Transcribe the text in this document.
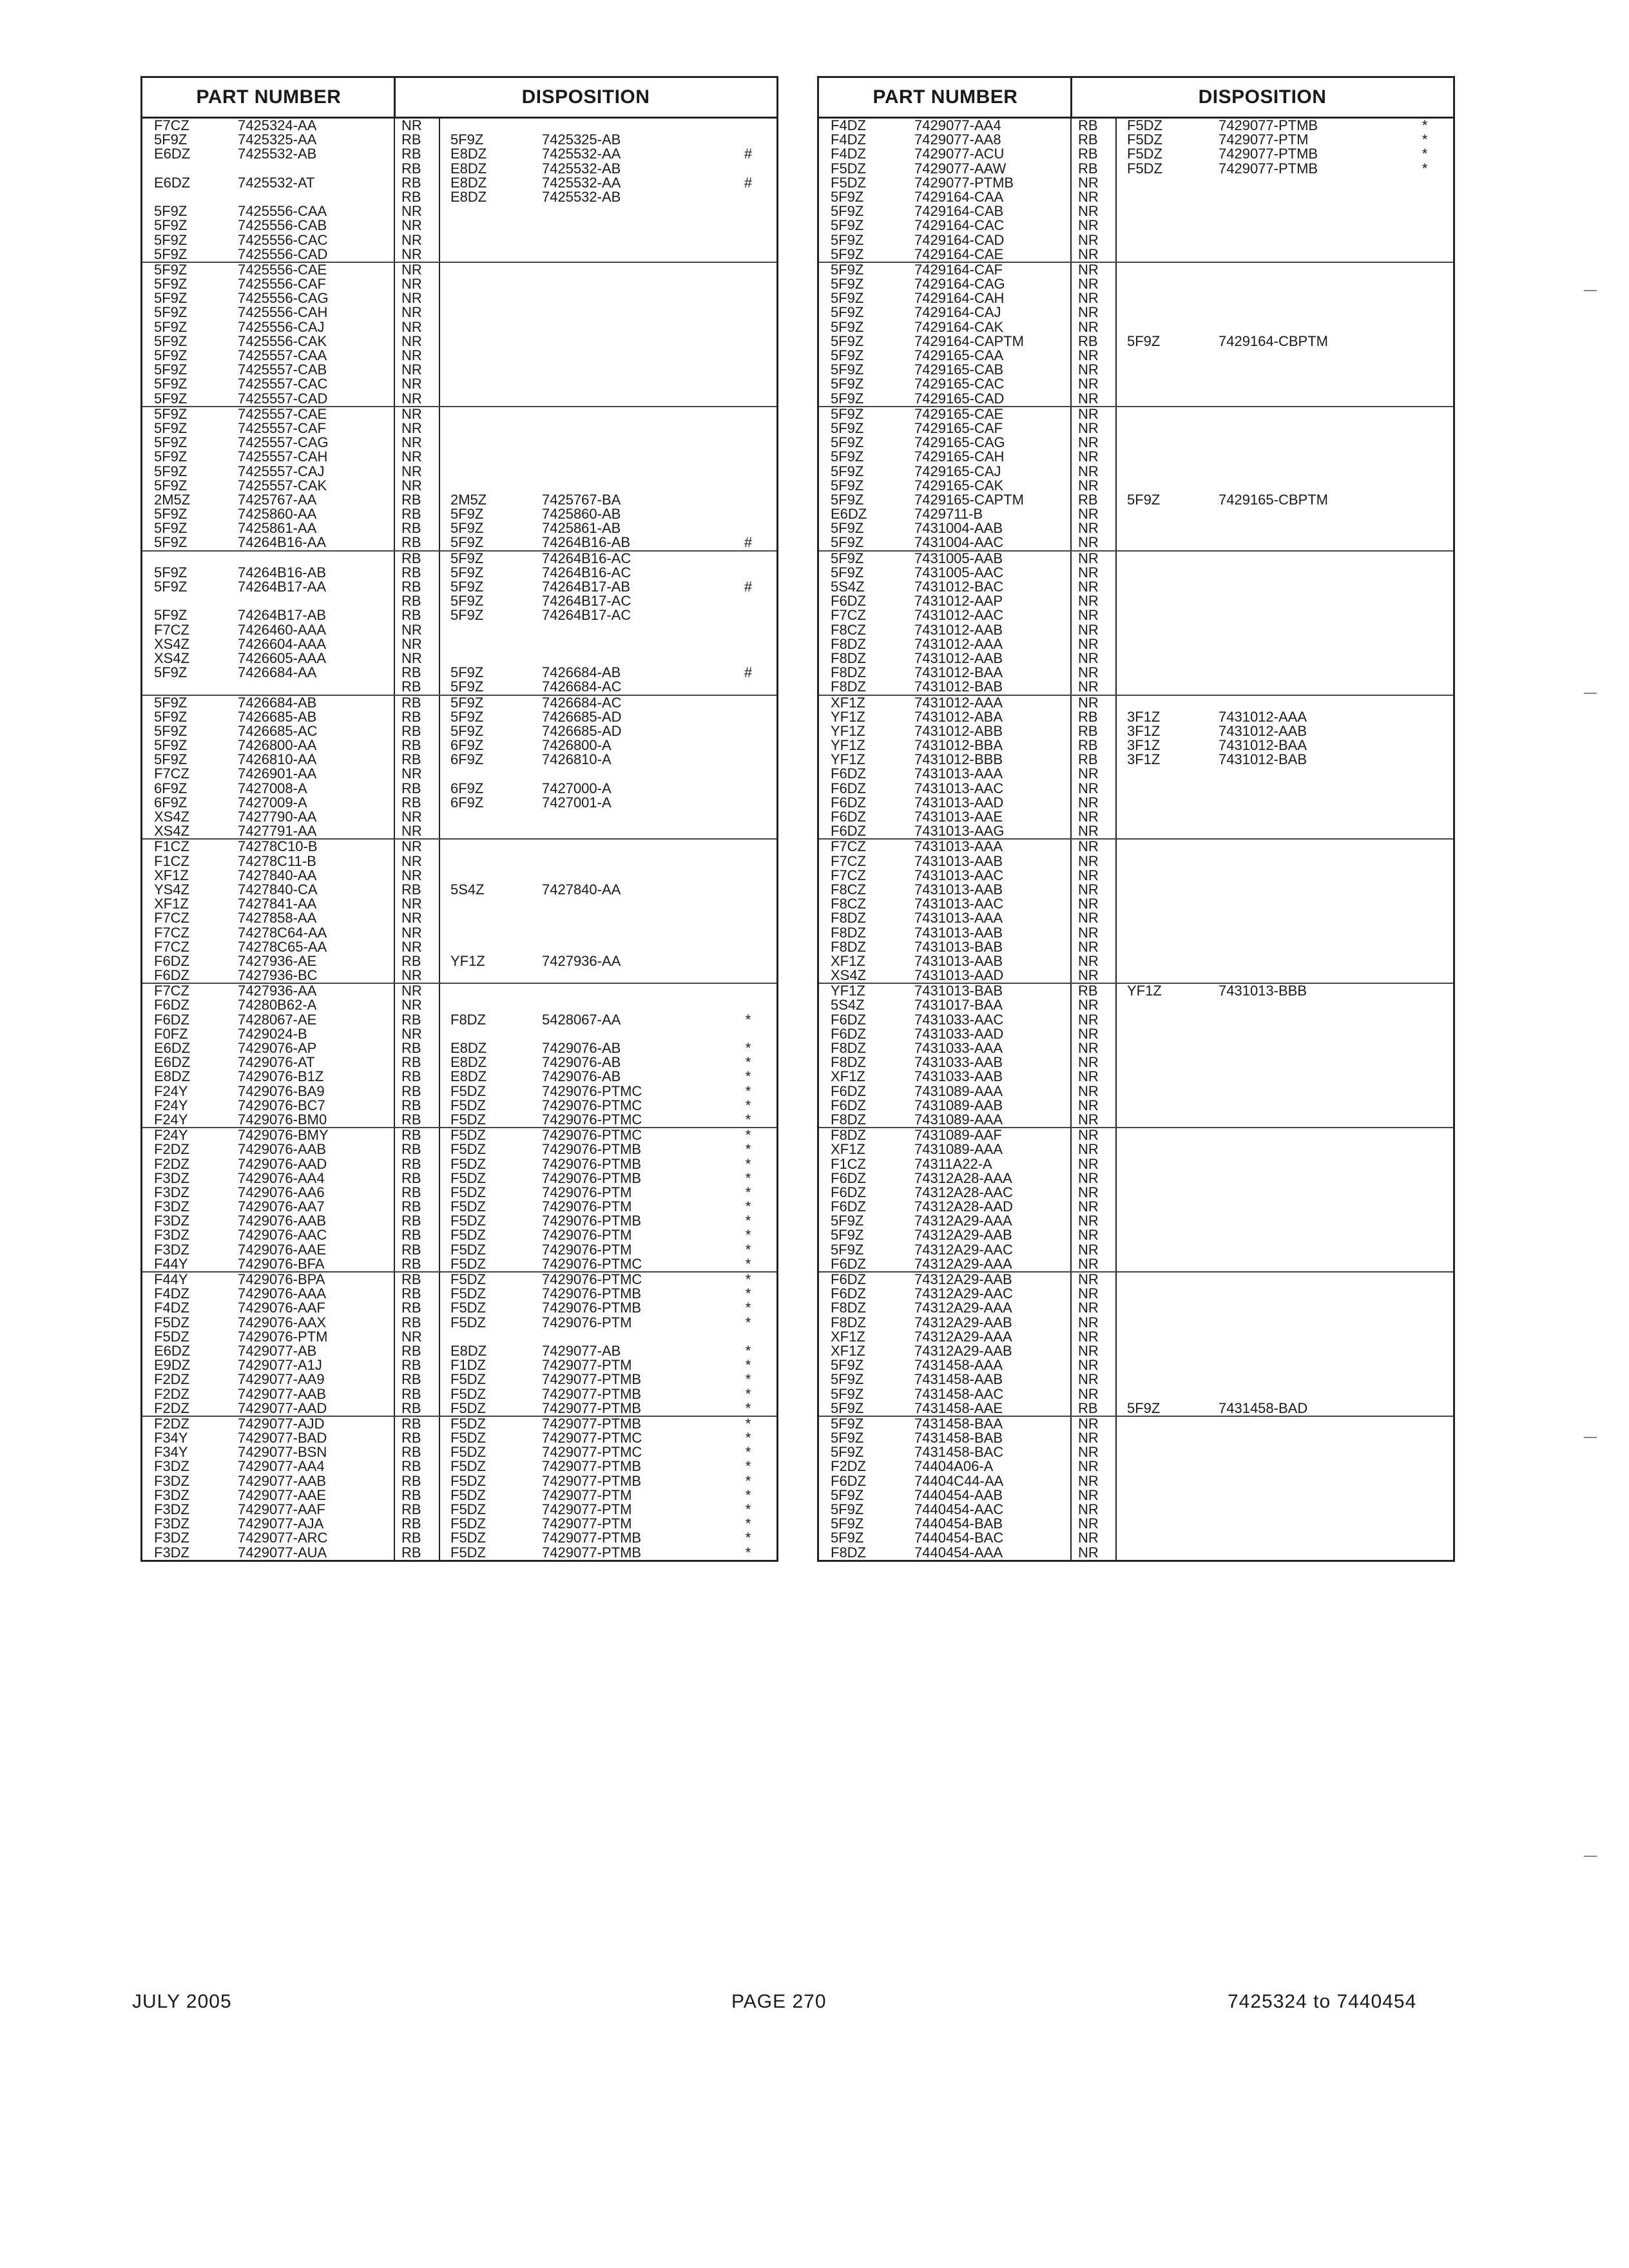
PART NUMBER	DISPOSITION
F7CZ	7425324-AA	NR
5F9Z	7425325-AA	RB 5F9Z	7425325-AB
E6DZ	7425532-AB	RB E8DZ	7425532-AA	#
RB E8DZ	7425532-AB
E6DZ	7425532-AT	RB E8DZ	7425532-AA	#
RB E8DZ	7425532-AB
5F9Z	7425556-CAA	NR
5F9Z	7425556-CAB	NR
5F9Z	7425556-CAC	NR
5F9Z	7425556-CAD	NR
5F9Z	7425556-CAE	NR
5F9Z	7425556-CAF	NR
5F9Z	7425556-CAG	NR
5F9Z	7425556-CAH	NR
5F9Z	7425556-CAJ	NR
5F9Z	7425556-CAK	NR
5F9Z	7425557-CAA	NR
5F9Z	7425557-CAB	NR
5F9Z	7425557-CAC	NR
5F9Z	7425557-CAD	NR
5F9Z	7425557-CAE	NR
5F9Z	7425557-CAF	NR
5F9Z	7425557-CAG	NR
5F9Z	7425557-CAH	NR
5F9Z	7425557-CAJ	NR
5F9Z	7425557-CAK	NR
2M5Z	7425767-AA	RB 2M5Z	7425767-BA
5F9Z	7425860-AA	RB 5F9Z	7425860-AB
5F9Z	7425861-AA	RB 5F9Z	7425861-AB
5F9Z	74264B16-AA	RB 5F9Z	74264B16-AB	#
RB 5F9Z	74264B16-AC
5F9Z	74264B16-AB	RB 5F9Z	74264B16-AC
5F9Z	74264B17-AA	RB 5F9Z	74264B17-AB	#
RB 5F9Z	74264B17-AC
5F9Z	74264B17-AB	RB 5F9Z	74264B17-AC
F7CZ	7426460-AAA	NR
XS4Z	7426604-AAA	NR
XS4Z	7426605-AAA	NR
5F9Z	7426684-AA	RB 5F9Z	7426684-AB	#
RB 5F9Z	7426684-AC
5F9Z	7426684-AB	RB 5F9Z	7426684-AC
5F9Z	7426685-AB	RB 5F9Z	7426685-AD
5F9Z	7426685-AC	RB 5F9Z	7426685-AD
5F9Z	7426800-AA	RB 6F9Z	7426800-A
5F9Z	7426810-AA	RB 6F9Z	7426810-A
F7CZ	7426901-AA	NR
6F9Z	7427008-A	RB 6F9Z	7427000-A
6F9Z	7427009-A	RB 6F9Z	7427001-A
XS4Z	7427790-AA	NR
XS4Z	7427791-AA	NR
F1CZ	74278C10-B	NR
F1CZ	74278C11-B	NR
XF1Z	7427840-AA	NR
YS4Z	7427840-CA	RB 5S4Z	7427840-AA
XF1Z	7427841-AA	NR
F7CZ	7427858-AA	NR
F7CZ	74278C64-AA	NR
F7CZ	74278C65-AA	NR
F6DZ	7427936-AE	RB YF1Z	7427936-AA
F6DZ	7427936-BC	NR
F7CZ	7427936-AA	NR
F6DZ	74280B62-A	NR
F6DZ	7428067-AE	RB F8DZ	5428067-AA	*
F0FZ	7429024-B	NR
E6DZ	7429076-AP	RB E8DZ	7429076-AB	*
E6DZ	7429076-AT	RB E8DZ	7429076-AB	*
E8DZ	7429076-B1Z	RB E8DZ	7429076-AB	*
F24Y	7429076-BA9	RB F5DZ	7429076-PTMC	*
F24Y	7429076-BC7	RB F5DZ	7429076-PTMC	*
F24Y	7429076-BM0	RB F5DZ	7429076-PTMC	*
F24Y	7429076-BMY	RB F5DZ	7429076-PTMC	*
F2DZ	7429076-AAB	RB F5DZ	7429076-PTMB	*
F2DZ	7429076-AAD	RB F5DZ	7429076-PTMB	*
F3DZ	7429076-AA4	RB F5DZ	7429076-PTMB	*
F3DZ	7429076-AA6	RB F5DZ	7429076-PTM	*
F3DZ	7429076-AA7	RB F5DZ	7429076-PTM	*
F3DZ	7429076-AAB	RB F5DZ	7429076-PTMB	*
F3DZ	7429076-AAC	RB F5DZ	7429076-PTM	*
F3DZ	7429076-AAE	RB F5DZ	7429076-PTM	*
F44Y	7429076-BFA	RB F5DZ	7429076-PTMC	*
F44Y	7429076-BPA	RB F5DZ	7429076-PTMC	*
F4DZ	7429076-AAA	RB F5DZ	7429076-PTMB	*
F4DZ	7429076-AAF	RB F5DZ	7429076-PTMB	*
F5DZ	7429076-AAX	RB F5DZ	7429076-PTM	*
F5DZ	7429076-PTM	NR
E6DZ	7429077-AB	RB E8DZ	7429077-AB	*
E9DZ	7429077-A1J	RB F1DZ	7429077-PTM	*
F2DZ	7429077-AA9	RB F5DZ	7429077-PTMB	*
F2DZ	7429077-AAB	RB F5DZ	7429077-PTMB	*
F2DZ	7429077-AAD	RB F5DZ	7429077-PTMB	*
F2DZ	7429077-AJD	RB F5DZ	7429077-PTMB	*
F34Y	7429077-BAD	RB F5DZ	7429077-PTMC	*
F34Y	7429077-BSN	RB F5DZ	7429077-PTMC	*
F3DZ	7429077-AA4	RB F5DZ	7429077-PTMB	*
F3DZ	7429077-AAB	RB F5DZ	7429077-PTMB	*
F3DZ	7429077-AAE	RB F5DZ	7429077-PTM	*
F3DZ	7429077-AAF	RB F5DZ	7429077-PTM	*
F3DZ	7429077-AJA	RB F5DZ	7429077-PTM	*
F3DZ	7429077-ARC	RB F5DZ	7429077-PTMB	*
F3DZ	7429077-AUA	RB F5DZ	7429077-PTMB	*
PART NUMBER	DISPOSITION
F4DZ	7429077-AA4	RB F5DZ	7429077-PTMB	*
F4DZ	7429077-AA8	RB F5DZ	7429077-PTM	*
F4DZ	7429077-ACU	RB F5DZ	7429077-PTMB	*
F5DZ	7429077-AAW	RB F5DZ	7429077-PTMB	*
F5DZ	7429077-PTMB	NR
5F9Z	7429164-CAA	NR
5F9Z	7429164-CAB	NR
5F9Z	7429164-CAC	NR
5F9Z	7429164-CAD	NR
5F9Z	7429164-CAE	NR
5F9Z	7429164-CAF	NR
5F9Z	7429164-CAG	NR
5F9Z	7429164-CAH	NR
5F9Z	7429164-CAJ	NR
5F9Z	7429164-CAK	NR
5F9Z	7429164-CAPTM	RB 5F9Z	7429164-CBPTM
5F9Z	7429165-CAA	NR
5F9Z	7429165-CAB	NR
5F9Z	7429165-CAC	NR
5F9Z	7429165-CAD	NR
5F9Z	7429165-CAE	NR
5F9Z	7429165-CAF	NR
5F9Z	7429165-CAG	NR
5F9Z	7429165-CAH	NR
5F9Z	7429165-CAJ	NR
5F9Z	7429165-CAK	NR
5F9Z	7429165-CAPTM	RB 5F9Z	7429165-CBPTM
E6DZ	7429711-B	NR
5F9Z	7431004-AAB	NR
5F9Z	7431004-AAC	NR
5F9Z	7431005-AAB	NR
5F9Z	7431005-AAC	NR
5S4Z	7431012-BAC	NR
F6DZ	7431012-AAP	NR
F7CZ	7431012-AAC	NR
F8CZ	7431012-AAB	NR
F8DZ	7431012-AAA	NR
F8DZ	7431012-AAB	NR
F8DZ	7431012-BAA	NR
F8DZ	7431012-BAB	NR
XF1Z	7431012-AAA	NR
YF1Z	7431012-ABA	RB 3F1Z	7431012-AAA
YF1Z	7431012-ABB	RB 3F1Z	7431012-AAB
YF1Z	7431012-BBA	RB 3F1Z	7431012-BAA
YF1Z	7431012-BBB	RB 3F1Z	7431012-BAB
F6DZ	7431013-AAA	NR
F6DZ	7431013-AAC	NR
F6DZ	7431013-AAD	NR
F6DZ	7431013-AAE	NR
F6DZ	7431013-AAG	NR
F7CZ	7431013-AAA	NR
F7CZ	7431013-AAB	NR
F7CZ	7431013-AAC	NR
F8CZ	7431013-AAB	NR
F8CZ	7431013-AAC	NR
F8DZ	7431013-AAA	NR
F8DZ	7431013-AAB	NR
F8DZ	7431013-BAB	NR
XF1Z	7431013-AAB	NR
XS4Z	7431013-AAD	NR
YF1Z	7431013-BAB	RB YF1Z	7431013-BBB
5S4Z	7431017-BAA	NR
F6DZ	7431033-AAC	NR
F6DZ	7431033-AAD	NR
F8DZ	7431033-AAA	NR
F8DZ	7431033-AAB	NR
XF1Z	7431033-AAB	NR
F6DZ	7431089-AAA	NR
F6DZ	7431089-AAB	NR
F8DZ	7431089-AAA	NR
F8DZ	7431089-AAF	NR
XF1Z	7431089-AAA	NR
F1CZ	74311A22-A	NR
F6DZ	74312A28-AAA	NR
F6DZ	74312A28-AAC	NR
F6DZ	74312A28-AAD	NR
5F9Z	74312A29-AAA	NR
5F9Z	74312A29-AAB	NR
5F9Z	74312A29-AAC	NR
F6DZ	74312A29-AAA	NR
F6DZ	74312A29-AAB	NR
F6DZ	74312A29-AAC	NR
F8DZ	74312A29-AAA	NR
F8DZ	74312A29-AAB	NR
XF1Z	74312A29-AAA	NR
XF1Z	74312A29-AAB	NR
5F9Z	7431458-AAA	NR
5F9Z	7431458-AAB	NR
5F9Z	7431458-AAC	NR
5F9Z	7431458-AAE	RB 5F9Z	7431458-BAD
5F9Z	7431458-BAA	NR
5F9Z	7431458-BAB	NR
5F9Z	7431458-BAC	NR
F2DZ	74404A06-A	NR
F6DZ	74404C44-AA	NR
5F9Z	7440454-AAB	NR
5F9Z	7440454-AAC	NR
5F9Z	7440454-BAB	NR
5F9Z	7440454-BAC	NR
F8DZ	7440454-AAA	NR
JULY 2005	PAGE 270	7425324 to 7440454
